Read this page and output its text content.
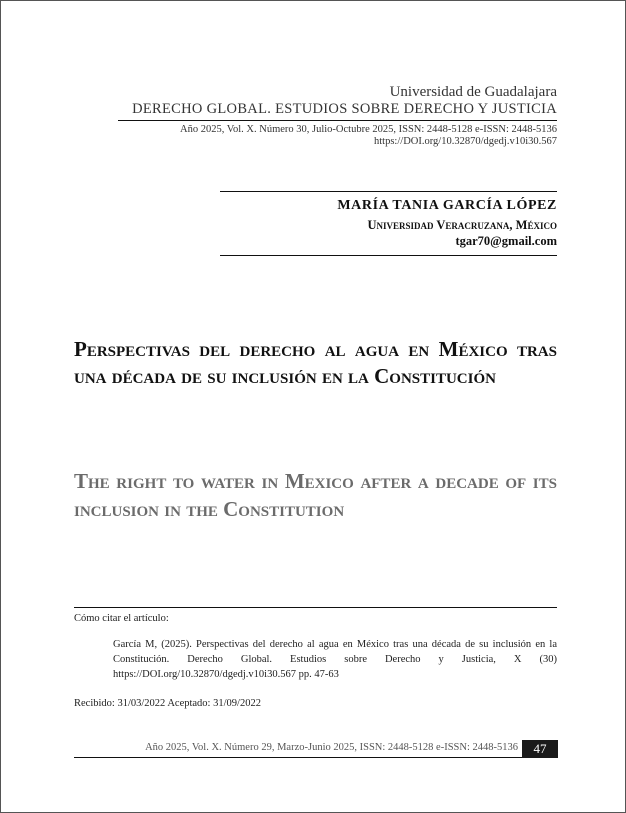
Universidad de Guadalajara
DERECHO GLOBAL. ESTUDIOS SOBRE DERECHO Y JUSTICIA
Año 2025, Vol. X. Número 30, Julio-Octubre 2025, ISSN: 2448-5128 e-ISSN: 2448-5136
https://DOI.org/10.32870/dgedj.v10i30.567
MARÍA TANIA GARCÍA LÓPEZ
Universidad Veracruzana, México
tgar70@gmail.com
Perspectivas del derecho al agua en México tras una década de su inclusión en la Constitución
The right to water in Mexico after a decade of its inclusion in the Constitution
Cómo citar el artículo:
García M, (2025). Perspectivas del derecho al agua en México tras una década de su inclusión en la Constitución. Derecho Global. Estudios sobre Derecho y Justicia, X (30) https://DOI.org/10.32870/dgedj.v10i30.567 pp. 47-63
Recibido: 31/03/2022 Aceptado: 31/09/2022
Año 2025, Vol. X. Número 29, Marzo-Junio 2025, ISSN: 2448-5128 e-ISSN: 2448-5136	47
